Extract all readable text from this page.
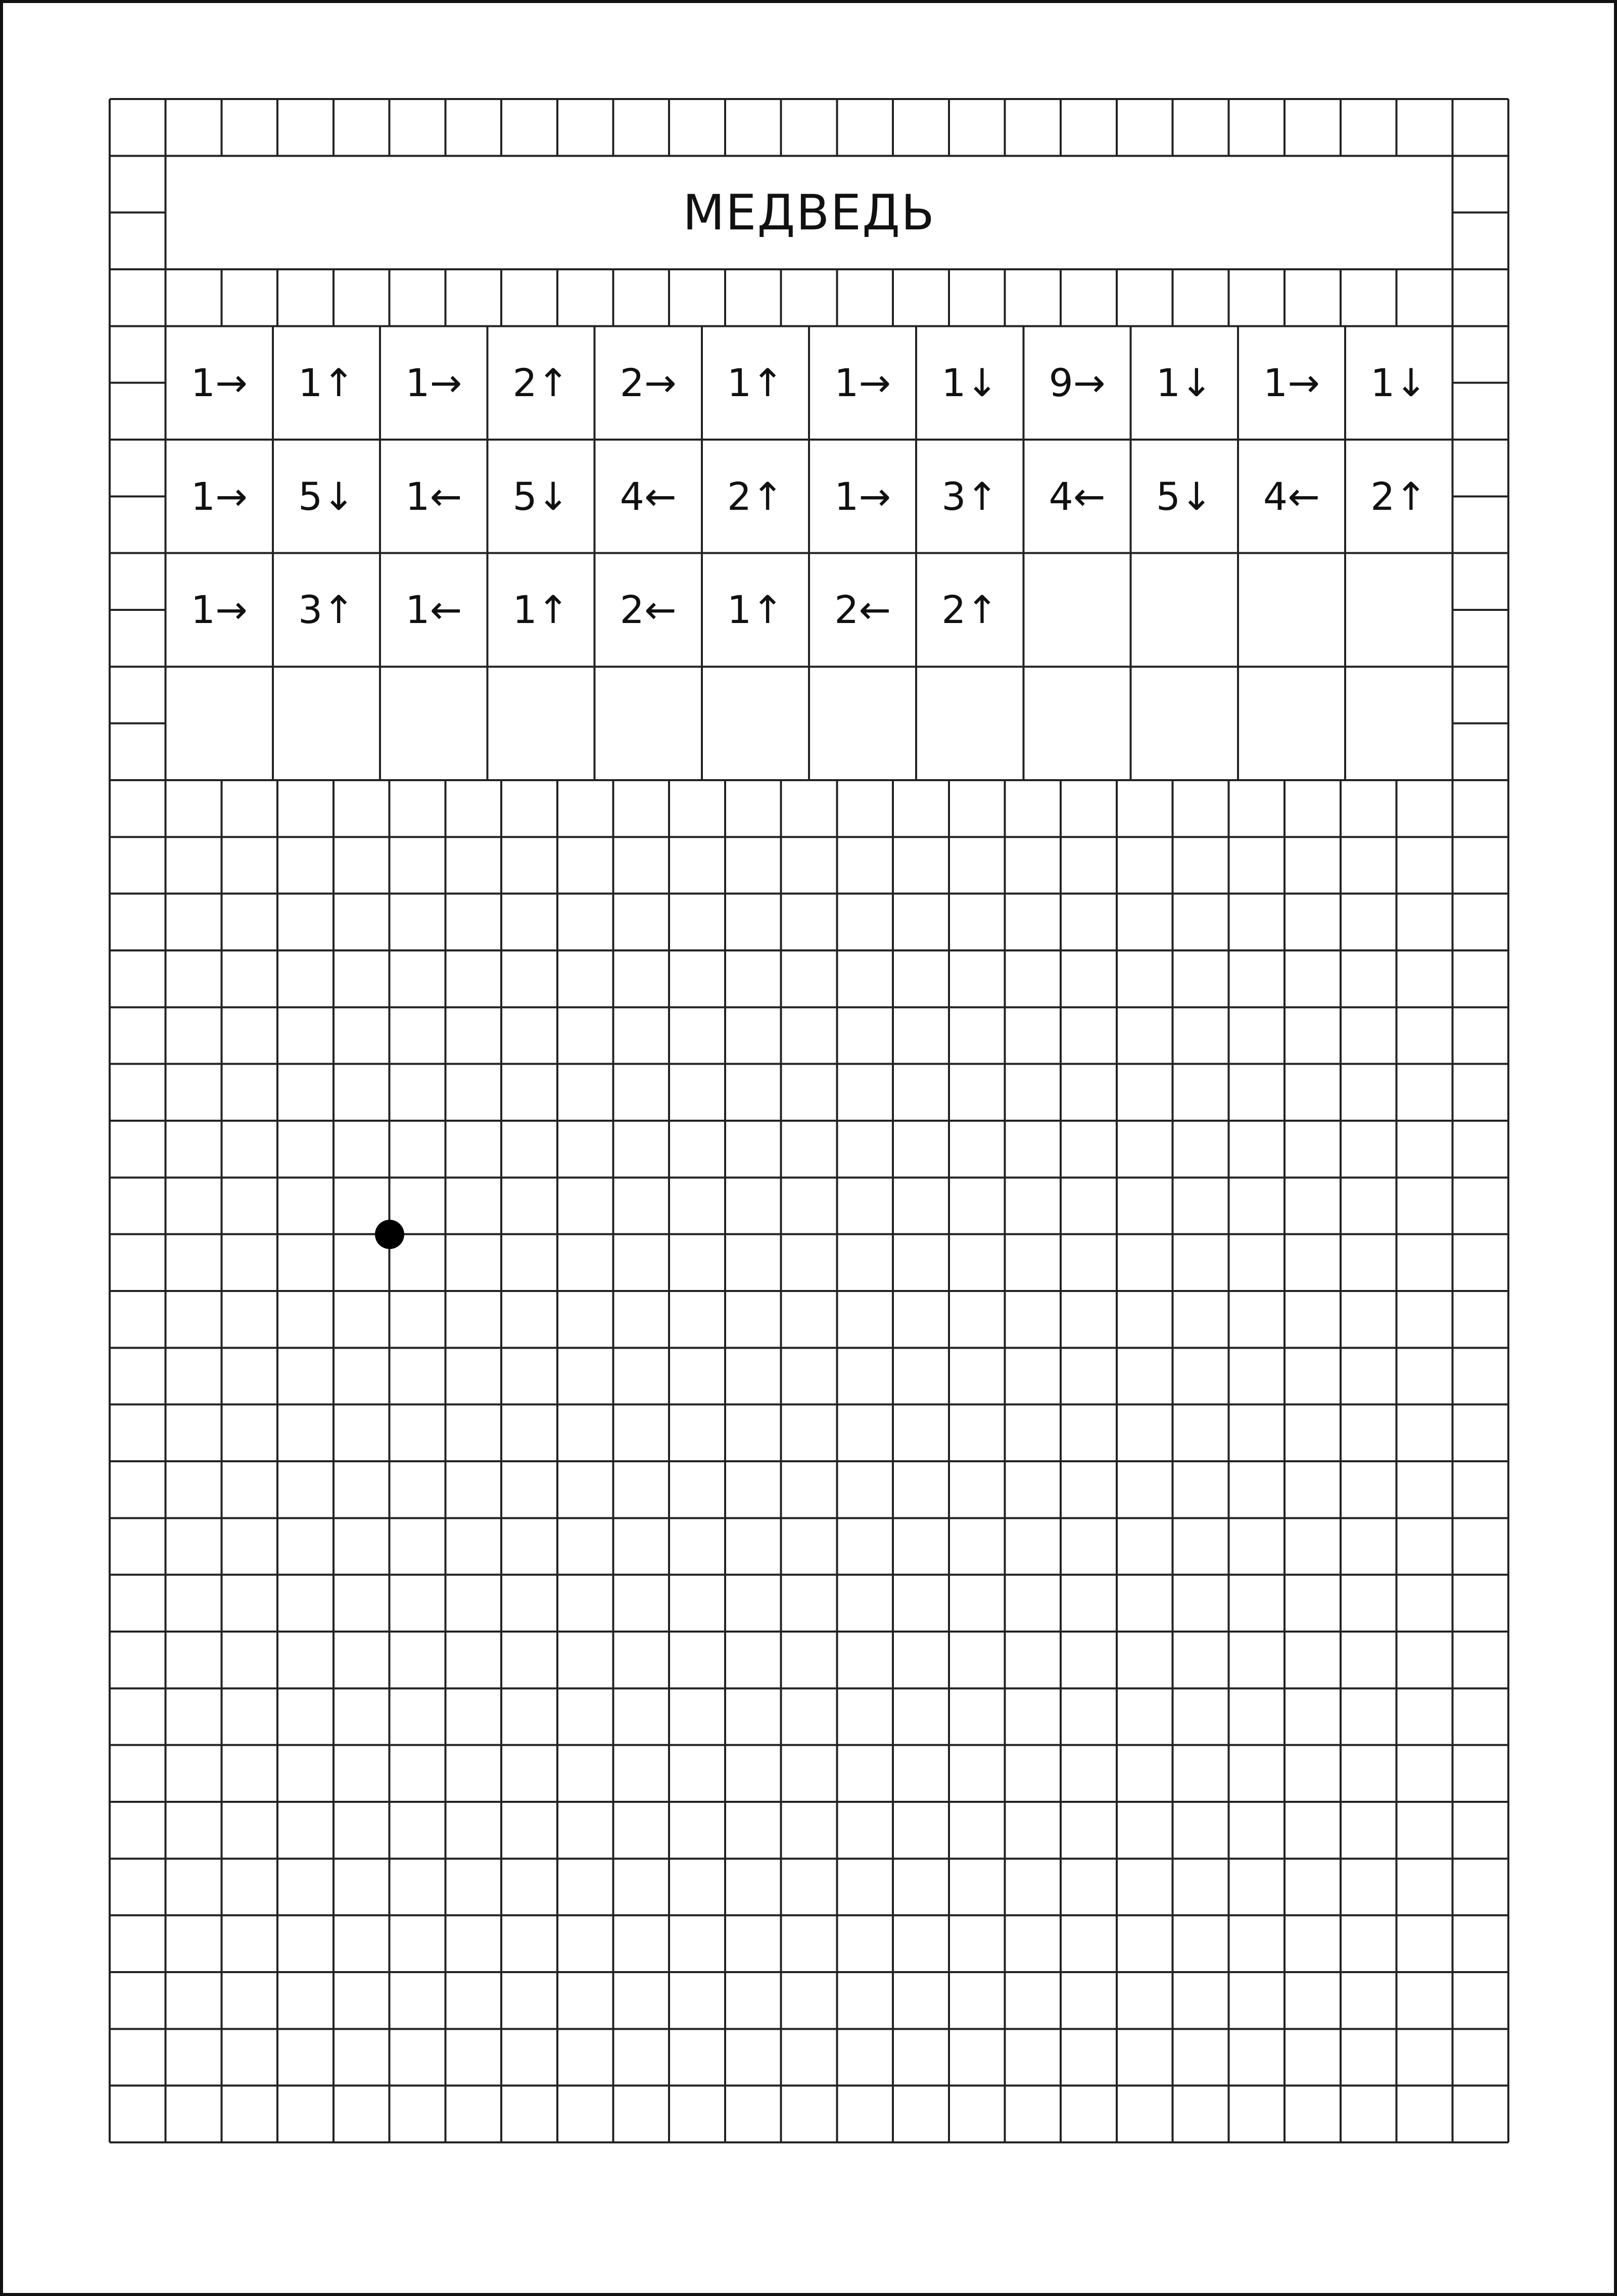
МЕДВЕДЬ
1→	1↑	1→	2↑	2→	1↑	1→	1↓	9→	1↓	1→	1↓
1→	5↓	1←	5↓	4←	2↑	1→	3↑	4←	5↓	4←	2↑
1→	3↑	1←	1↑	2←	1↑	2←	2↑
